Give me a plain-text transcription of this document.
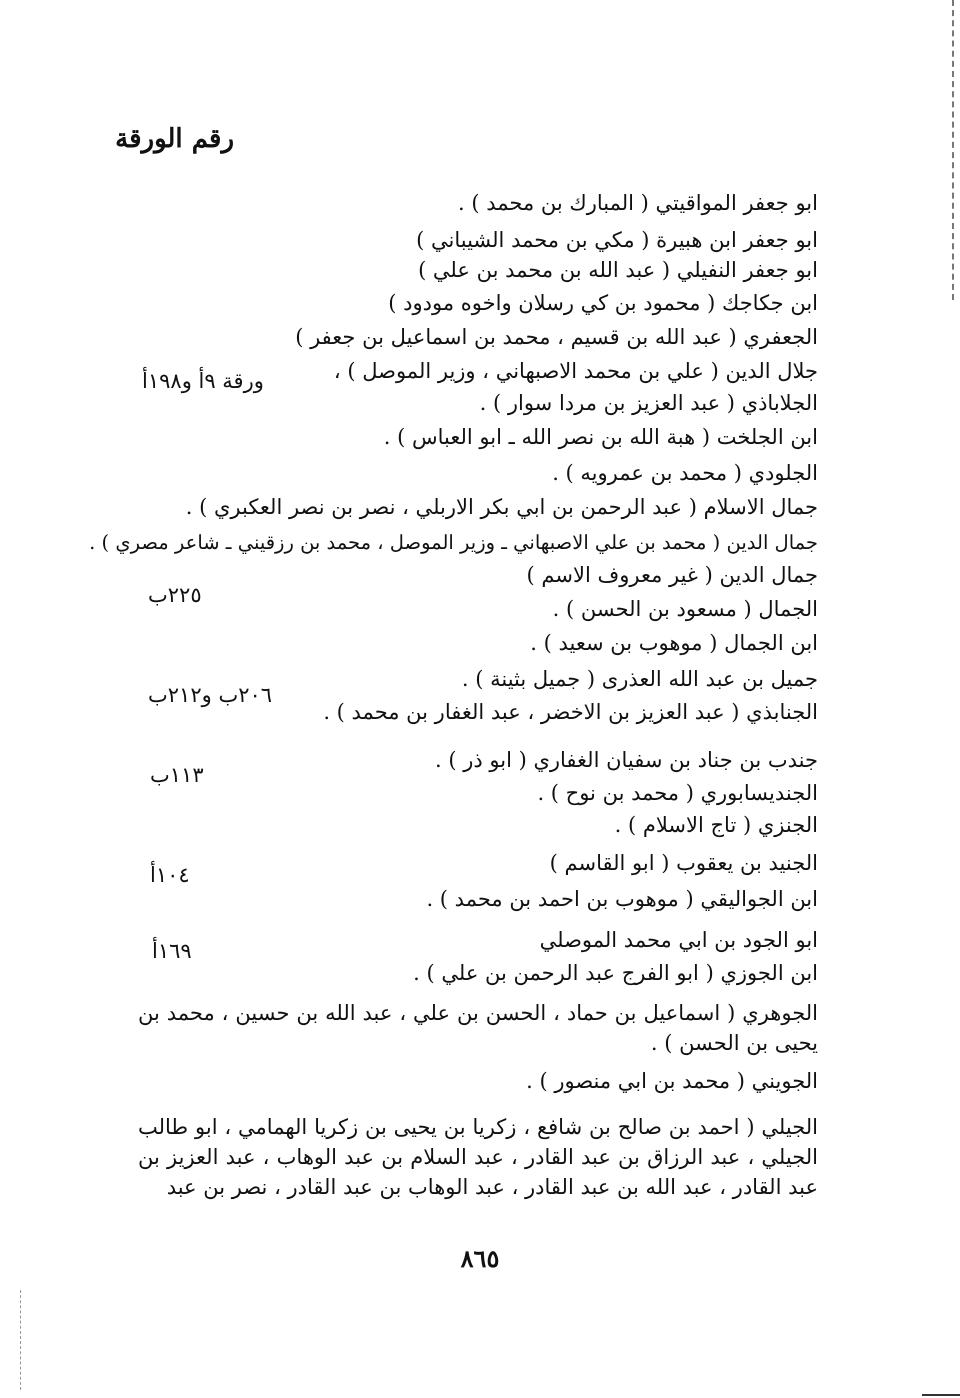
رقم الورقة
ابو جعفر المواقيتي ( المبارك بن محمد ) .
ابو جعفر ابن هبيرة ( مكي بن محمد الشيباني )
ابو جعفر النفيلي ( عبد الله بن محمد بن علي )
ابن جكاجك ( محمود بن كي رسلان واخوه مودود )
الجعفري ( عبد الله بن قسيم ، محمد بن اسماعيل بن جعفر )
جلال الدين ( علي بن محمد الاصبهاني ، وزير الموصل ) ،
الجلاباذي ( عبد العزيز بن مردا سوار ) .
ابن الجلخت ( هبة الله بن نصر الله ـ ابو العباس ) .
الجلودي ( محمد بن عمرويه ) .
جمال الاسلام ( عبد الرحمن بن ابي بكر الاربلي ، نصر بن نصر العكبري ) .
جمال الدين ( محمد بن علي الاصبهاني ـ وزير الموصل ، محمد بن رزقيني ـ شاعر مصري ) .
جمال الدين ( غير معروف الاسم )
الجمال ( مسعود بن الحسن ) .
ابن الجمال ( موهوب بن سعيد ) .
جميل بن عبد الله العذرى ( جميل بثينة ) .
الجنابذي ( عبد العزيز بن الاخضر ، عبد الغفار بن محمد ) .
جندب بن جناد بن سفيان الغفاري ( ابو ذر ) .
الجنديسابوري ( محمد بن نوح ) .
الجنزي ( تاج الاسلام ) .
الجنيد بن يعقوب ( ابو القاسم )
ابن الجواليقي ( موهوب بن احمد بن محمد ) .
ابو الجود بن ابي محمد الموصلي
ابن الجوزي ( ابو الفرج عبد الرحمن بن علي ) .
الجوهري ( اسماعيل بن حماد ، الحسن بن علي ، عبد الله بن حسين ، محمد بن يحيى بن الحسن ) .
الجويني ( محمد بن ابي منصور ) .
الجيلي ( احمد بن صالح بن شافع ، زكريا بن يحيى بن زكريا الهمامي ، ابو طالب الجيلي ، عبد الرزاق بن عبد القادر ، عبد السلام بن عبد الوهاب ، عبد العزيز بن عبد القادر ، عبد الله بن عبد القادر ، عبد الوهاب بن عبد القادر ، نصر بن عبد
ورقة ٩أ و١٩٨أ
٢٢٥ب
٢٠٦ب و٢١٢ب
١١٣ب
١٠٤أ
١٦٩أ
٨٦٥
